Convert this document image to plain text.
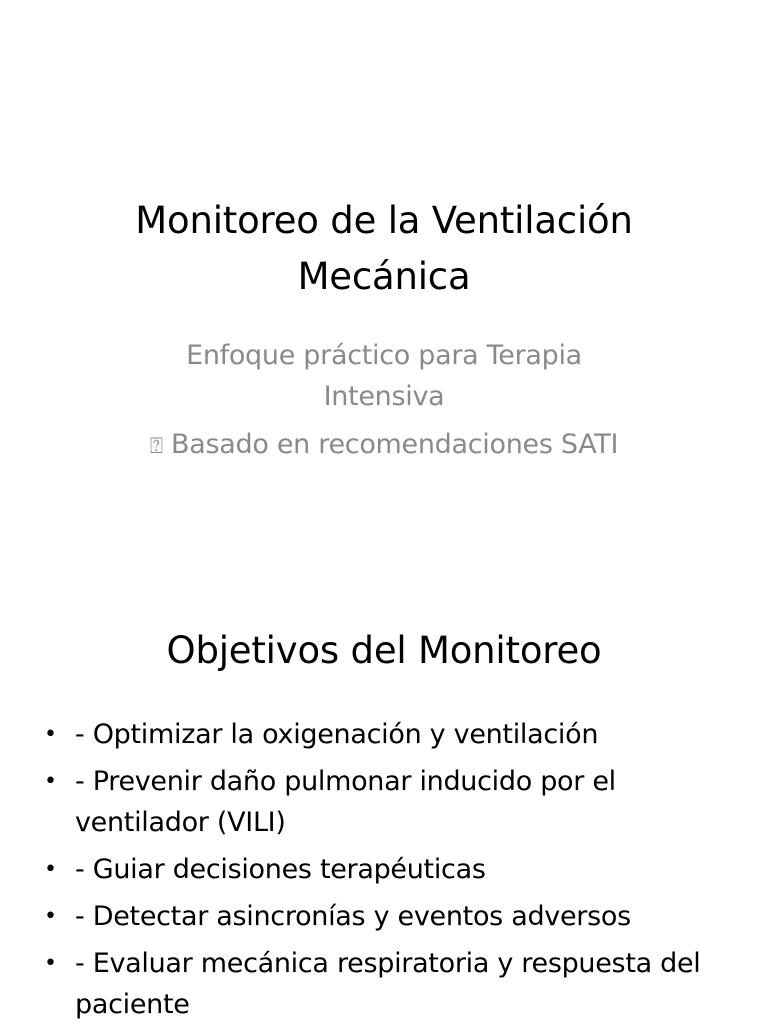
Monitoreo de la Ventilación
Mecánica
Enfoque práctico para Terapia
Intensiva
⍰ Basado en recomendaciones SATI
Objetivos del Monitoreo
• - Optimizar la oxigenación y ventilación
• - Prevenir daño pulmonar inducido por el
ventilador (VILI)
• - Guiar decisiones terapéuticas
• - Detectar asincronías y eventos adversos
• - Evaluar mecánica respiratoria y respuesta del
paciente
